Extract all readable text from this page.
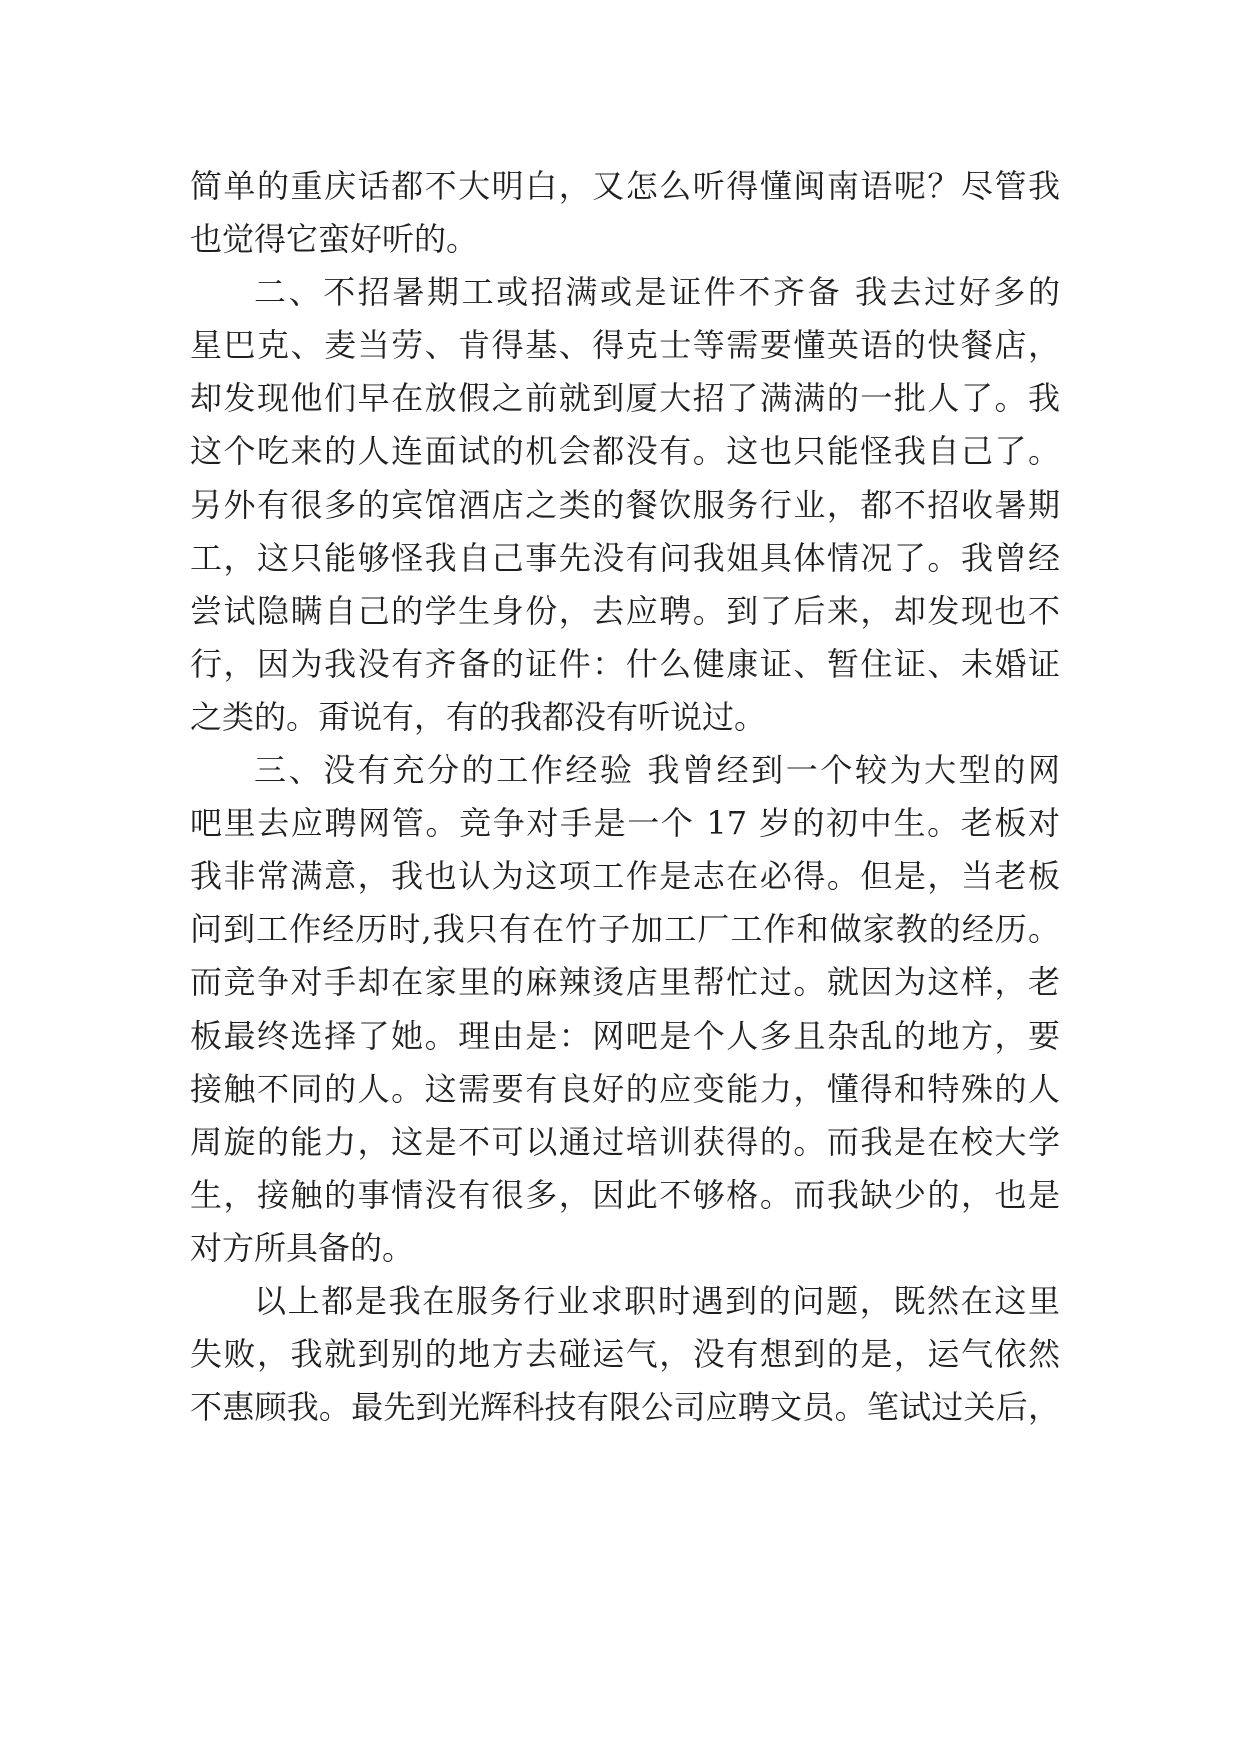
简单的重庆话都不大明白，又怎么听得懂闽南语呢？尽管我
也觉得它蛮好听的。
二、不招暑期工或招满或是证件不齐备 我去过好多的
星巴克、麦当劳、肯得基、得克士等需要懂英语的快餐店，
却发现他们早在放假之前就到厦大招了满满的一批人了。我
这个吃来的人连面试的机会都没有。这也只能怪我自己了。
另外有很多的宾馆酒店之类的餐饮服务行业，都不招收暑期
工，这只能够怪我自己事先没有问我姐具体情况了。我曾经
尝试隐瞒自己的学生身份，去应聘。到了后来，却发现也不
行，因为我没有齐备的证件：什么健康证、暂住证、未婚证
之类的。甭说有，有的我都没有听说过。
三、没有充分的工作经验 我曾经到一个较为大型的网
吧里去应聘网管。竞争对手是一个 17 岁的初中生。老板对
我非常满意，我也认为这项工作是志在必得。但是，当老板
问到工作经历时,我只有在竹子加工厂工作和做家教的经历。
而竞争对手却在家里的麻辣烫店里帮忙过。就因为这样，老
板最终选择了她。理由是：网吧是个人多且杂乱的地方，要
接触不同的人。这需要有良好的应变能力，懂得和特殊的人
周旋的能力，这是不可以通过培训获得的。而我是在校大学
生，接触的事情没有很多，因此不够格。而我缺少的，也是
对方所具备的。
以上都是我在服务行业求职时遇到的问题，既然在这里
失败，我就到别的地方去碰运气，没有想到的是，运气依然
不惠顾我。最先到光辉科技有限公司应聘文员。笔试过关后，
